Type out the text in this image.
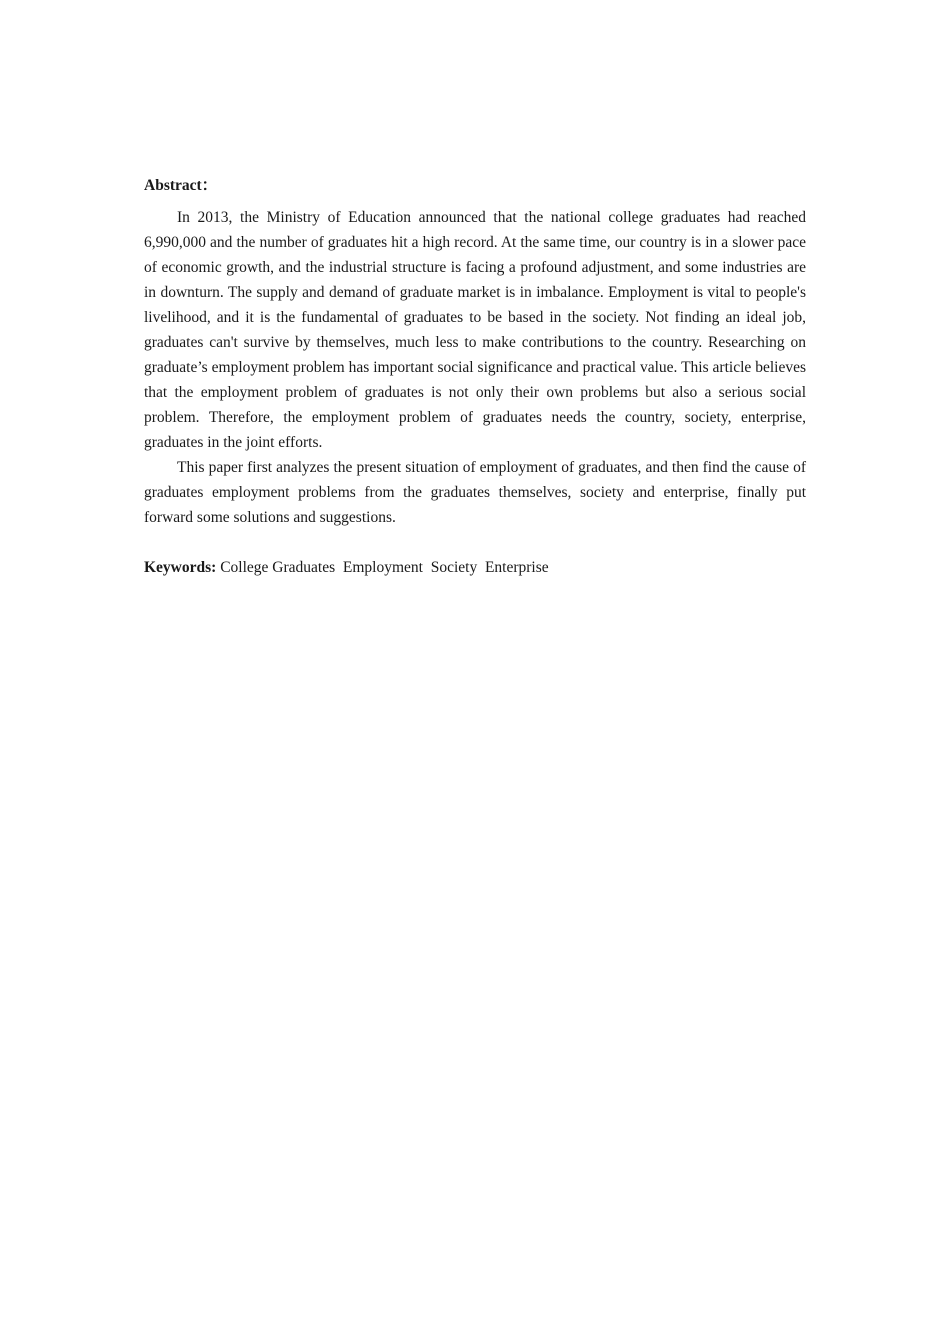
Abstract：

In 2013, the Ministry of Education announced that the national college graduates had reached 6,990,000 and the number of graduates hit a high record. At the same time, our country is in a slower pace of economic growth, and the industrial structure is facing a profound adjustment, and some industries are in downturn. The supply and demand of graduate market is in imbalance. Employment is vital to people's livelihood, and it is the fundamental of graduates to be based in the society. Not finding an ideal job, graduates can't survive by themselves, much less to make contributions to the country. Researching on graduate’s employment problem has important social significance and practical value. This article believes that the employment problem of graduates is not only their own problems but also a serious social problem. Therefore, the employment problem of graduates needs the country, society, enterprise, graduates in the joint efforts.

This paper first analyzes the present situation of employment of graduates, and then find the cause of graduates employment problems from the graduates themselves, society and enterprise, finally put forward some solutions and suggestions.

Keywords: College Graduates Employment Society Enterprise
